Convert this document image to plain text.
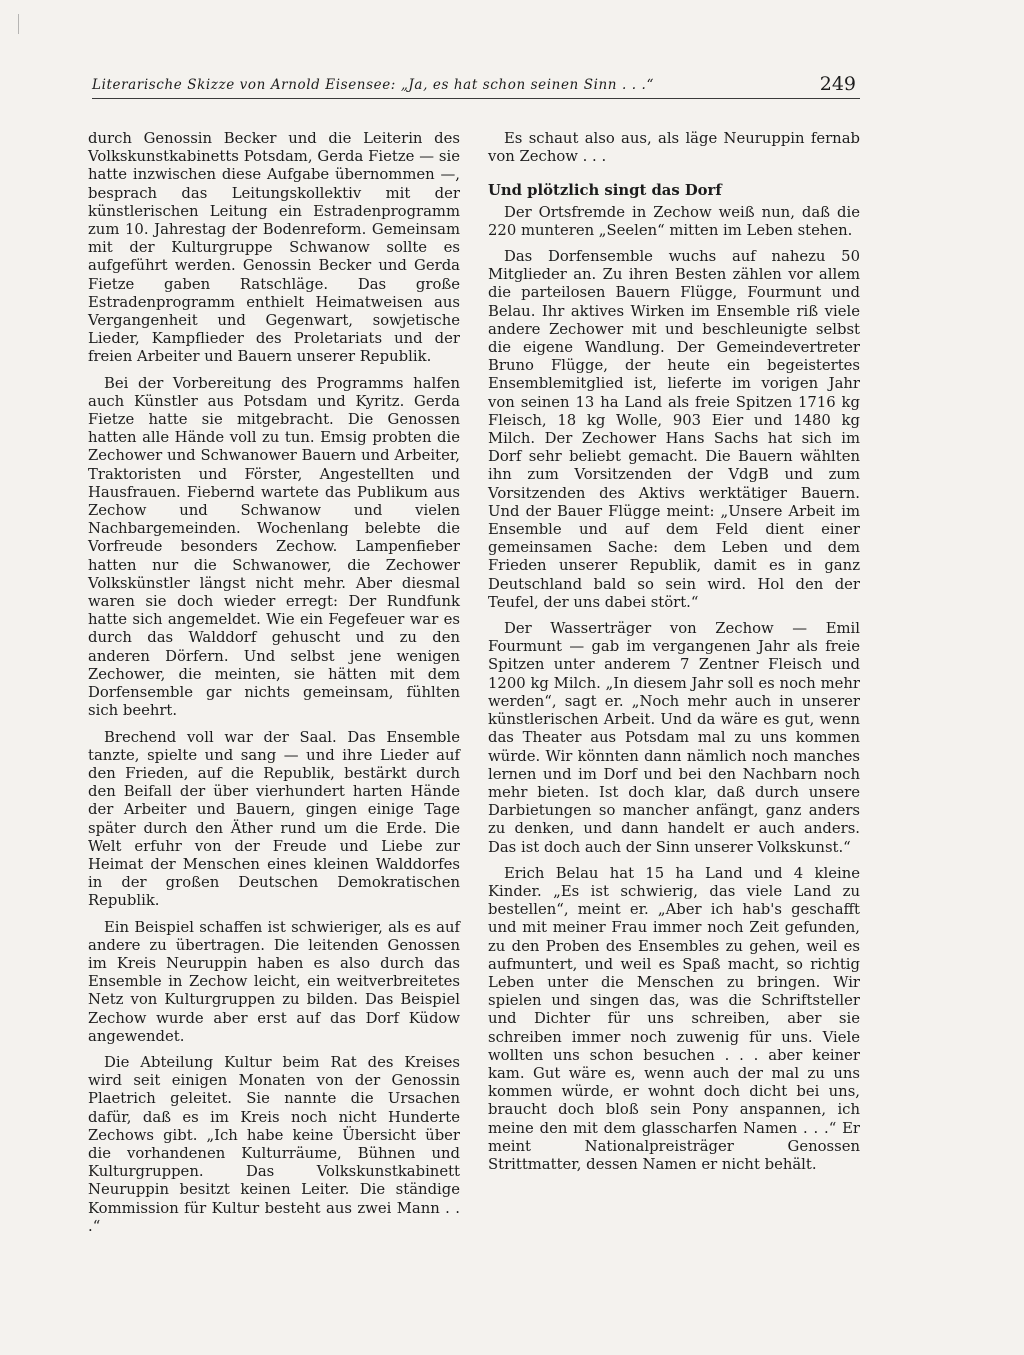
Literarische Skizze von Arnold Eisensee: „Ja, es hat schon seinen Sinn . . .“	249

durch Genossin Becker und die Leiterin des Volkskunstkabinetts Potsdam, Gerda Fietze — sie hatte inzwischen diese Aufgabe übernommen —, besprach das Leitungskollektiv mit der künstlerischen Leitung ein Estradenprogramm zum 10. Jahrestag der Bodenreform. Gemeinsam mit der Kulturgruppe Schwanow sollte es aufgeführt werden. Genossin Becker und Gerda Fietze gaben Ratschläge. Das große Estradenprogramm enthielt Heimatweisen aus Vergangenheit und Gegenwart, sowjetische Lieder, Kampflieder des Proletariats und der freien Arbeiter und Bauern unserer Republik.

Bei der Vorbereitung des Programms halfen auch Künstler aus Potsdam und Kyritz. Gerda Fietze hatte sie mitgebracht. Die Genossen hatten alle Hände voll zu tun. Emsig probten die Zechower und Schwanower Bauern und Arbeiter, Traktoristen und Förster, Angestellten und Hausfrauen. Fiebernd wartete das Publikum aus Zechow und Schwanow und vielen Nachbargemeinden. Wochenlang belebte die Vorfreude besonders Zechow. Lampenfieber hatten nur die Schwanower, die Zechower Volkskünstler längst nicht mehr. Aber diesmal waren sie doch wieder erregt: Der Rundfunk hatte sich angemeldet. Wie ein Fegefeuer war es durch das Walddorf gehuscht und zu den anderen Dörfern. Und selbst jene wenigen Zechower, die meinten, sie hätten mit dem Dorfensemble gar nichts gemeinsam, fühlten sich beehrt.

Brechend voll war der Saal. Das Ensemble tanzte, spielte und sang — und ihre Lieder auf den Frieden, auf die Republik, bestärkt durch den Beifall der über vierhundert harten Hände der Arbeiter und Bauern, gingen einige Tage später durch den Äther rund um die Erde. Die Welt erfuhr von der Freude und Liebe zur Heimat der Menschen eines kleinen Walddorfes in der großen Deutschen Demokratischen Republik.

Ein Beispiel schaffen ist schwieriger, als es auf andere zu übertragen. Die leitenden Genossen im Kreis Neuruppin haben es also durch das Ensemble in Zechow leicht, ein weitverbreitetes Netz von Kulturgruppen zu bilden. Das Beispiel Zechow wurde aber erst auf das Dorf Küdow angewendet.

Die Abteilung Kultur beim Rat des Kreises wird seit einigen Monaten von der Genossin Plaetrich geleitet. Sie nannte die Ursachen dafür, daß es im Kreis noch nicht Hunderte Zechows gibt. „Ich habe keine Übersicht über die vorhandenen Kulturräume, Bühnen und Kulturgruppen. Das Volkskunstkabinett Neuruppin besitzt keinen Leiter. Die ständige Kommission für Kultur besteht aus zwei Mann . . .“

Es schaut also aus, als läge Neuruppin fernab von Zechow . . .

Und plötzlich singt das Dorf

Der Ortsfremde in Zechow weiß nun, daß die 220 munteren „Seelen“ mitten im Leben stehen.

Das Dorfensemble wuchs auf nahezu 50 Mitglieder an. Zu ihren Besten zählen vor allem die parteilosen Bauern Flügge, Fourmunt und Belau. Ihr aktives Wirken im Ensemble riß viele andere Zechower mit und beschleunigte selbst die eigene Wandlung. Der Gemeindevertreter Bruno Flügge, der heute ein begeistertes Ensemblemitglied ist, lieferte im vorigen Jahr von seinen 13 ha Land als freie Spitzen 1716 kg Fleisch, 18 kg Wolle, 903 Eier und 1480 kg Milch. Der Zechower Hans Sachs hat sich im Dorf sehr beliebt gemacht. Die Bauern wählten ihn zum Vorsitzenden der VdgB und zum Vorsitzenden des Aktivs werktätiger Bauern. Und der Bauer Flügge meint: „Unsere Arbeit im Ensemble und auf dem Feld dient einer gemeinsamen Sache: dem Leben und dem Frieden unserer Republik, damit es in ganz Deutschland bald so sein wird. Hol den der Teufel, der uns dabei stört.“

Der Wasserträger von Zechow — Emil Fourmunt — gab im vergangenen Jahr als freie Spitzen unter anderem 7 Zentner Fleisch und 1200 kg Milch. „In diesem Jahr soll es noch mehr werden“, sagt er. „Noch mehr auch in unserer künstlerischen Arbeit. Und da wäre es gut, wenn das Theater aus Potsdam mal zu uns kommen würde. Wir könnten dann nämlich noch manches lernen und im Dorf und bei den Nachbarn noch mehr bieten. Ist doch klar, daß durch unsere Darbietungen so mancher anfängt, ganz anders zu denken, und dann handelt er auch anders. Das ist doch auch der Sinn unserer Volkskunst.“

Erich Belau hat 15 ha Land und 4 kleine Kinder. „Es ist schwierig, das viele Land zu bestellen“, meint er. „Aber ich hab's geschafft und mit meiner Frau immer noch Zeit gefunden, zu den Proben des Ensembles zu gehen, weil es aufmuntert, und weil es Spaß macht, so richtig Leben unter die Menschen zu bringen. Wir spielen und singen das, was die Schriftsteller und Dichter für uns schreiben, aber sie schreiben immer noch zuwenig für uns. Viele wollten uns schon besuchen . . . aber keiner kam. Gut wäre es, wenn auch der mal zu uns kommen würde, er wohnt doch dicht bei uns, braucht doch bloß sein Pony anspannen, ich meine den mit dem glasscharfen Namen . . .“ Er meint Nationalpreisträger Genossen Strittmatter, dessen Namen er nicht behält.
